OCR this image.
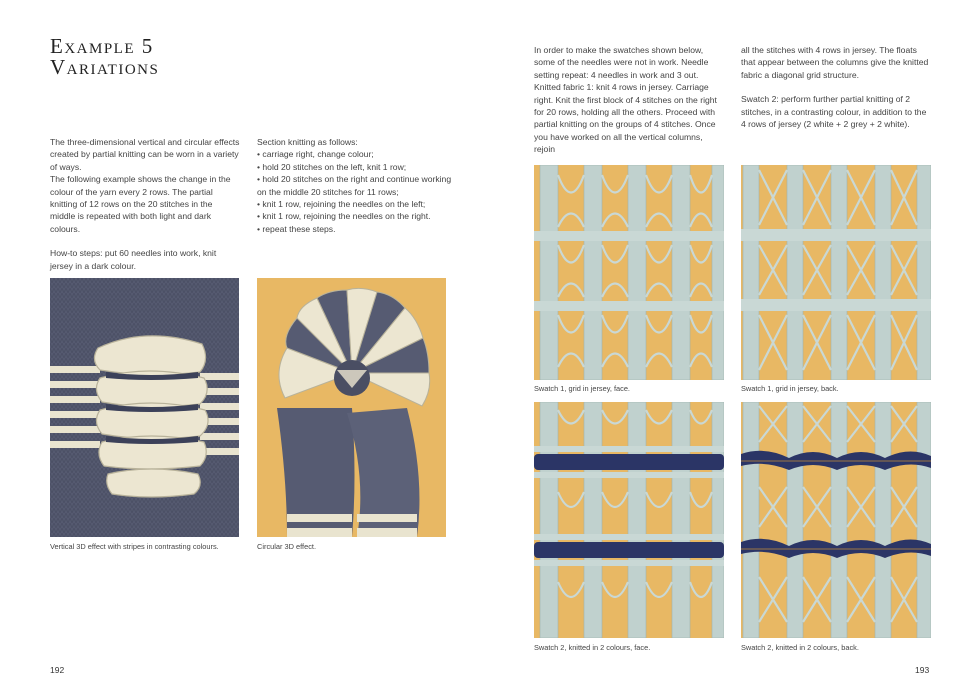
Example 5
Variations

The three-dimensional vertical and circular effects created by partial knitting can be worn in a variety of ways.

The following example shows the change in the colour of the yarn every 2 rows. The partial knitting of 12 rows on the 20 stitches in the middle is repeated with both light and dark colours.

How-to steps: put 60 needles into work, knit jersey in a dark colour.

Section knitting as follows:

• carriage right, change colour;

• hold 20 stitches on the left, knit 1 row;

• hold 20 stitches on the right and continue working on the middle 20 stitches for 11 rows;

• knit 1 row, rejoining the needles on the left;

• knit 1 row, rejoining the needles on the right.

• repeat these steps.

Vertical 3D effect with stripes in contrasting colours.	Circular 3D effect.
192

In order to make the swatches shown below, some of the needles were not in work. Needle setting repeat: 4 needles in work and 3 out. Knitted fabric 1: knit 4 rows in jersey. Carriage right. Knit the first block of 4 stitches on the right for 20 rows, holding all the others. Proceed with partial knitting on the groups of 4 stitches. Once you have worked on all the vertical columns, rejoin

all the stitches with 4 rows in jersey. The floats that appear between the columns give the knitted fabric a diagonal grid structure.

Swatch 2: perform further partial knitting of 2 stitches, in a contrasting colour, in addition to the 4 rows of jersey (2 white + 2 grey + 2 white).

Swatch 1, grid in jersey, face.	Swatch 1, grid in jersey, back.
Swatch 2, knitted in 2 colours, face.	Swatch 2, knitted in 2 colours, back.
193
